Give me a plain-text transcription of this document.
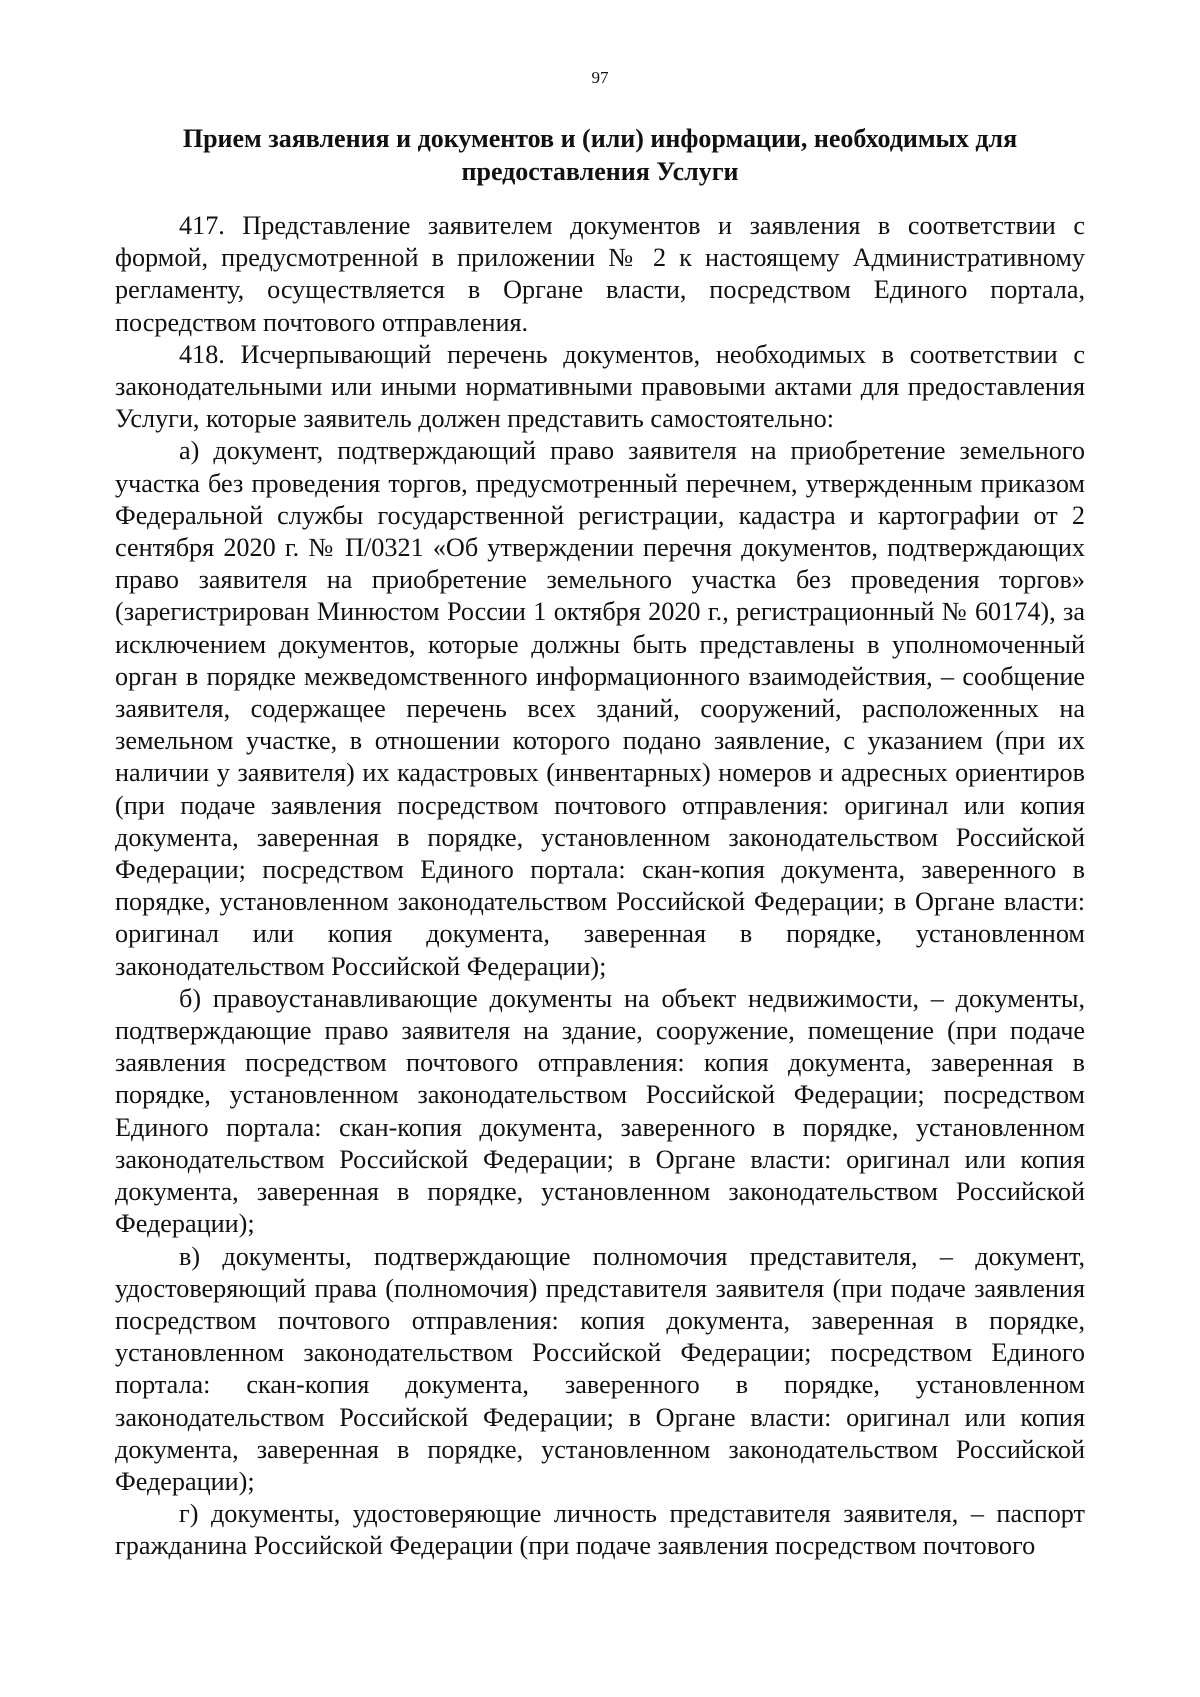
97
Прием заявления и документов и (или) информации, необходимых для предоставления Услуги

417. Представление заявителем документов и заявления в соответствии с формой, предусмотренной в приложении № 2 к настоящему Административному регламенту, осуществляется в Органе власти, посредством Единого портала, посредством почтового отправления.

418. Исчерпывающий перечень документов, необходимых в соответствии с законодательными или иными нормативными правовыми актами для предоставления Услуги, которые заявитель должен представить самостоятельно:

а) документ, подтверждающий право заявителя на приобретение земельного участка без проведения торгов, предусмотренный перечнем, утвержденным приказом Федеральной службы государственной регистрации, кадастра и картографии от 2 сентября 2020 г. № П/0321 «Об утверждении перечня документов, подтверждающих право заявителя на приобретение земельного участка без проведения торгов» (зарегистрирован Минюстом России 1 октября 2020 г., регистрационный № 60174), за исключением документов, которые должны быть представлены в уполномоченный орган в порядке межведомственного информационного взаимодействия, – сообщение заявителя, содержащее перечень всех зданий, сооружений, расположенных на земельном участке, в отношении которого подано заявление, с указанием (при их наличии у заявителя) их кадастровых (инвентарных) номеров и адресных ориентиров (при подаче заявления посредством почтового отправления: оригинал или копия документа, заверенная в порядке, установленном законодательством Российской Федерации; посредством Единого портала: скан-копия документа, заверенного в порядке, установленном законодательством Российской Федерации; в Органе власти: оригинал или копия документа, заверенная в порядке, установленном законодательством Российской Федерации);

б) правоустанавливающие документы на объект недвижимости, – документы, подтверждающие право заявителя на здание, сооружение, помещение (при подаче заявления посредством почтового отправления: копия документа, заверенная в порядке, установленном законодательством Российской Федерации; посредством Единого портала: скан-копия документа, заверенного в порядке, установленном законодательством Российской Федерации; в Органе власти: оригинал или копия документа, заверенная в порядке, установленном законодательством Российской Федерации);

в) документы, подтверждающие полномочия представителя, – документ, удостоверяющий права (полномочия) представителя заявителя (при подаче заявления посредством почтового отправления: копия документа, заверенная в порядке, установленном законодательством Российской Федерации; посредством Единого портала: скан-копия документа, заверенного в порядке, установленном законодательством Российской Федерации; в Органе власти: оригинал или копия документа, заверенная в порядке, установленном законодательством Российской Федерации);

г) документы, удостоверяющие личность представителя заявителя, – паспорт гражданина Российской Федерации (при подаче заявления посредством почтового
